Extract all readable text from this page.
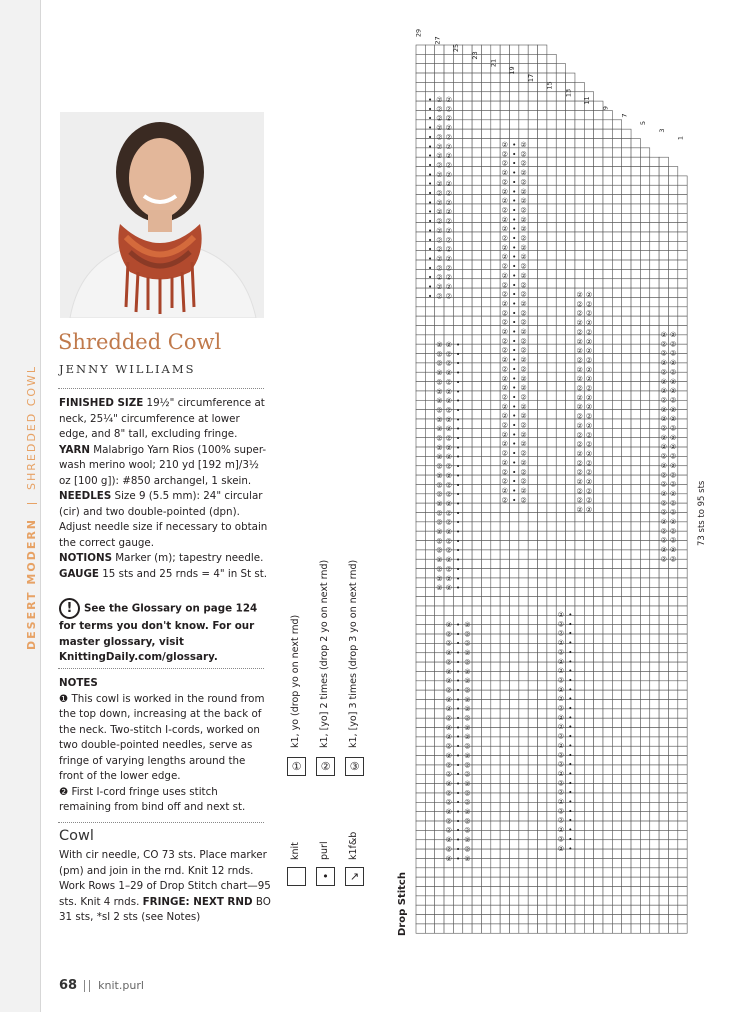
DESERT MODERN  SHREDDED COWL
Shredded Cowl
JENNY WILLIAMS

FINISHED SIZE 19½" circumference at neck, 25¼" circumference at lower edge, and 8" tall, excluding fringe.

YARN Malabrigo Yarn Rios (100% super-wash merino wool; 210 yd [192 m]/3½ oz [100 g]): #850 archangel, 1 skein.

NEEDLES Size 9 (5.5 mm): 24" circular (cir) and two double-pointed (dpn). Adjust needle size if necessary to obtain the correct gauge.

NOTIONS Marker (m); tapestry needle.

GAUGE 15 sts and 25 rnds = 4" in St st.

! See the Glossary on page 124 for terms you don't know. For our master glossary, visit KnittingDaily.com/glossary.
NOTES

❶ This cowl is worked in the round from the top down, increasing at the back of the neck. Two-stitch I-cords, worked on two double-pointed needles, serve as fringe of varying lengths around the front of the lower edge.

❷ First I-cord fringe uses stitch remaining from bind off and next st.

Cowl
With cir needle, CO 73 sts. Place marker (pm) and join in the rnd. Knit 12 rnds. Work Rows 1–29 of Drop Stitch chart—95 sts. Knit 4 rnds. FRINGE: NEXT RND BO 31 sts, *sl 2 sts (see Notes)
68 knit.purl
knit
•
purl
↗
k1f&b
①
k1, yo (drop yo on next rnd)
②
k1, [yo] 2 times (drop 2 yo on next rnd)
③
k1, [yo] 3 times (drop 3 yo on next rnd)
Drop Stitch
73 sts to 95 sts
•
•
•
•
•
•
•
•
•
•
•
•
•
•
•
•
•
•
•
•
•
•
②
②
②
②
②
②
②
②
②
②
②
②
②
②
②
②
②
②
②
②
②
②
②
②
②
②
②
②
②
②
②
②
②
②
②
②
②
②
②
②
②
②
②
②
②
②
②
②
②
②
②
②
②
②
②
②
②
②
②
②
②
②
②
②
②
②
②
②
②
②
②
②
②
②
②
②
②
②
②
②
②
②
②
②
②
②
②
②
②
②
②
②
②
②
②
②
②
②
•
•
•
•
•
•
•
•
•
•
•
•
•
•
•
•
•
•
•
•
•
•
•
•
•
•
•
②
②
②
②
②
②
②
②
②
②
②
②
②
②
②
②
②
②
②
②
②
②
②
②
②
②
②
②
②
②
②
②
②
②
②
②
②
②
②
•
•
•
•
•
•
•
•
•
•
•
•
•
•
•
•
•
•
•
•
•
•
•
•
•
•
•
•
•
•
•
•
•
•
•
•
•
•
•
②
②
②
②
②
②
②
②
②
②
②
②
②
②
②
②
②
②
②
②
②
②
②
②
②
②
②
②
②
②
②
②
②
②
②
②
②
②
②
②
②
②
②
②
②
②
②
②
②
②
②
②
②
②
②
②
②
②
②
②
②
②
②
②
②
②
②
②
②
②
②
②
②
②
②
②
②
②
②
②
②
②
②
②
②
②
②
②
②
②
②
②
②
②
②
②
②
②
②
②
②
②
②
②
②
②
②
②
②
②
②
②
②
•
•
•
•
•
•
•
•
•
•
•
•
•
•
•
•
•
•
•
•
•
•
•
•
•
•
②
②
②
②
②
②
②
②
②
②
②
②
②
②
②
②
②
②
②
②
②
②
②
②
②
②
②
②
②
②
②
②
②
②
②
②
②
②
②
②
②
②
②
②
②
②
②
②
②
②
②
②
•
•
•
•
•
•
•
•
•
•
•
•
•
•
•
•
•
•
•
•
•
•
•
•
•
•
②
②
②
②
②
②
②
②
②
②
②
②
②
②
②
②
②
②
②
②
②
②
②
②
②
②
②
②
②
②
②
②
②
②
②
②
②
②
②
②
②
②
②
②
②
②
②
②
②
②
1
3
5
7
9
11
13
15
17
19
21
23
25
27
29
